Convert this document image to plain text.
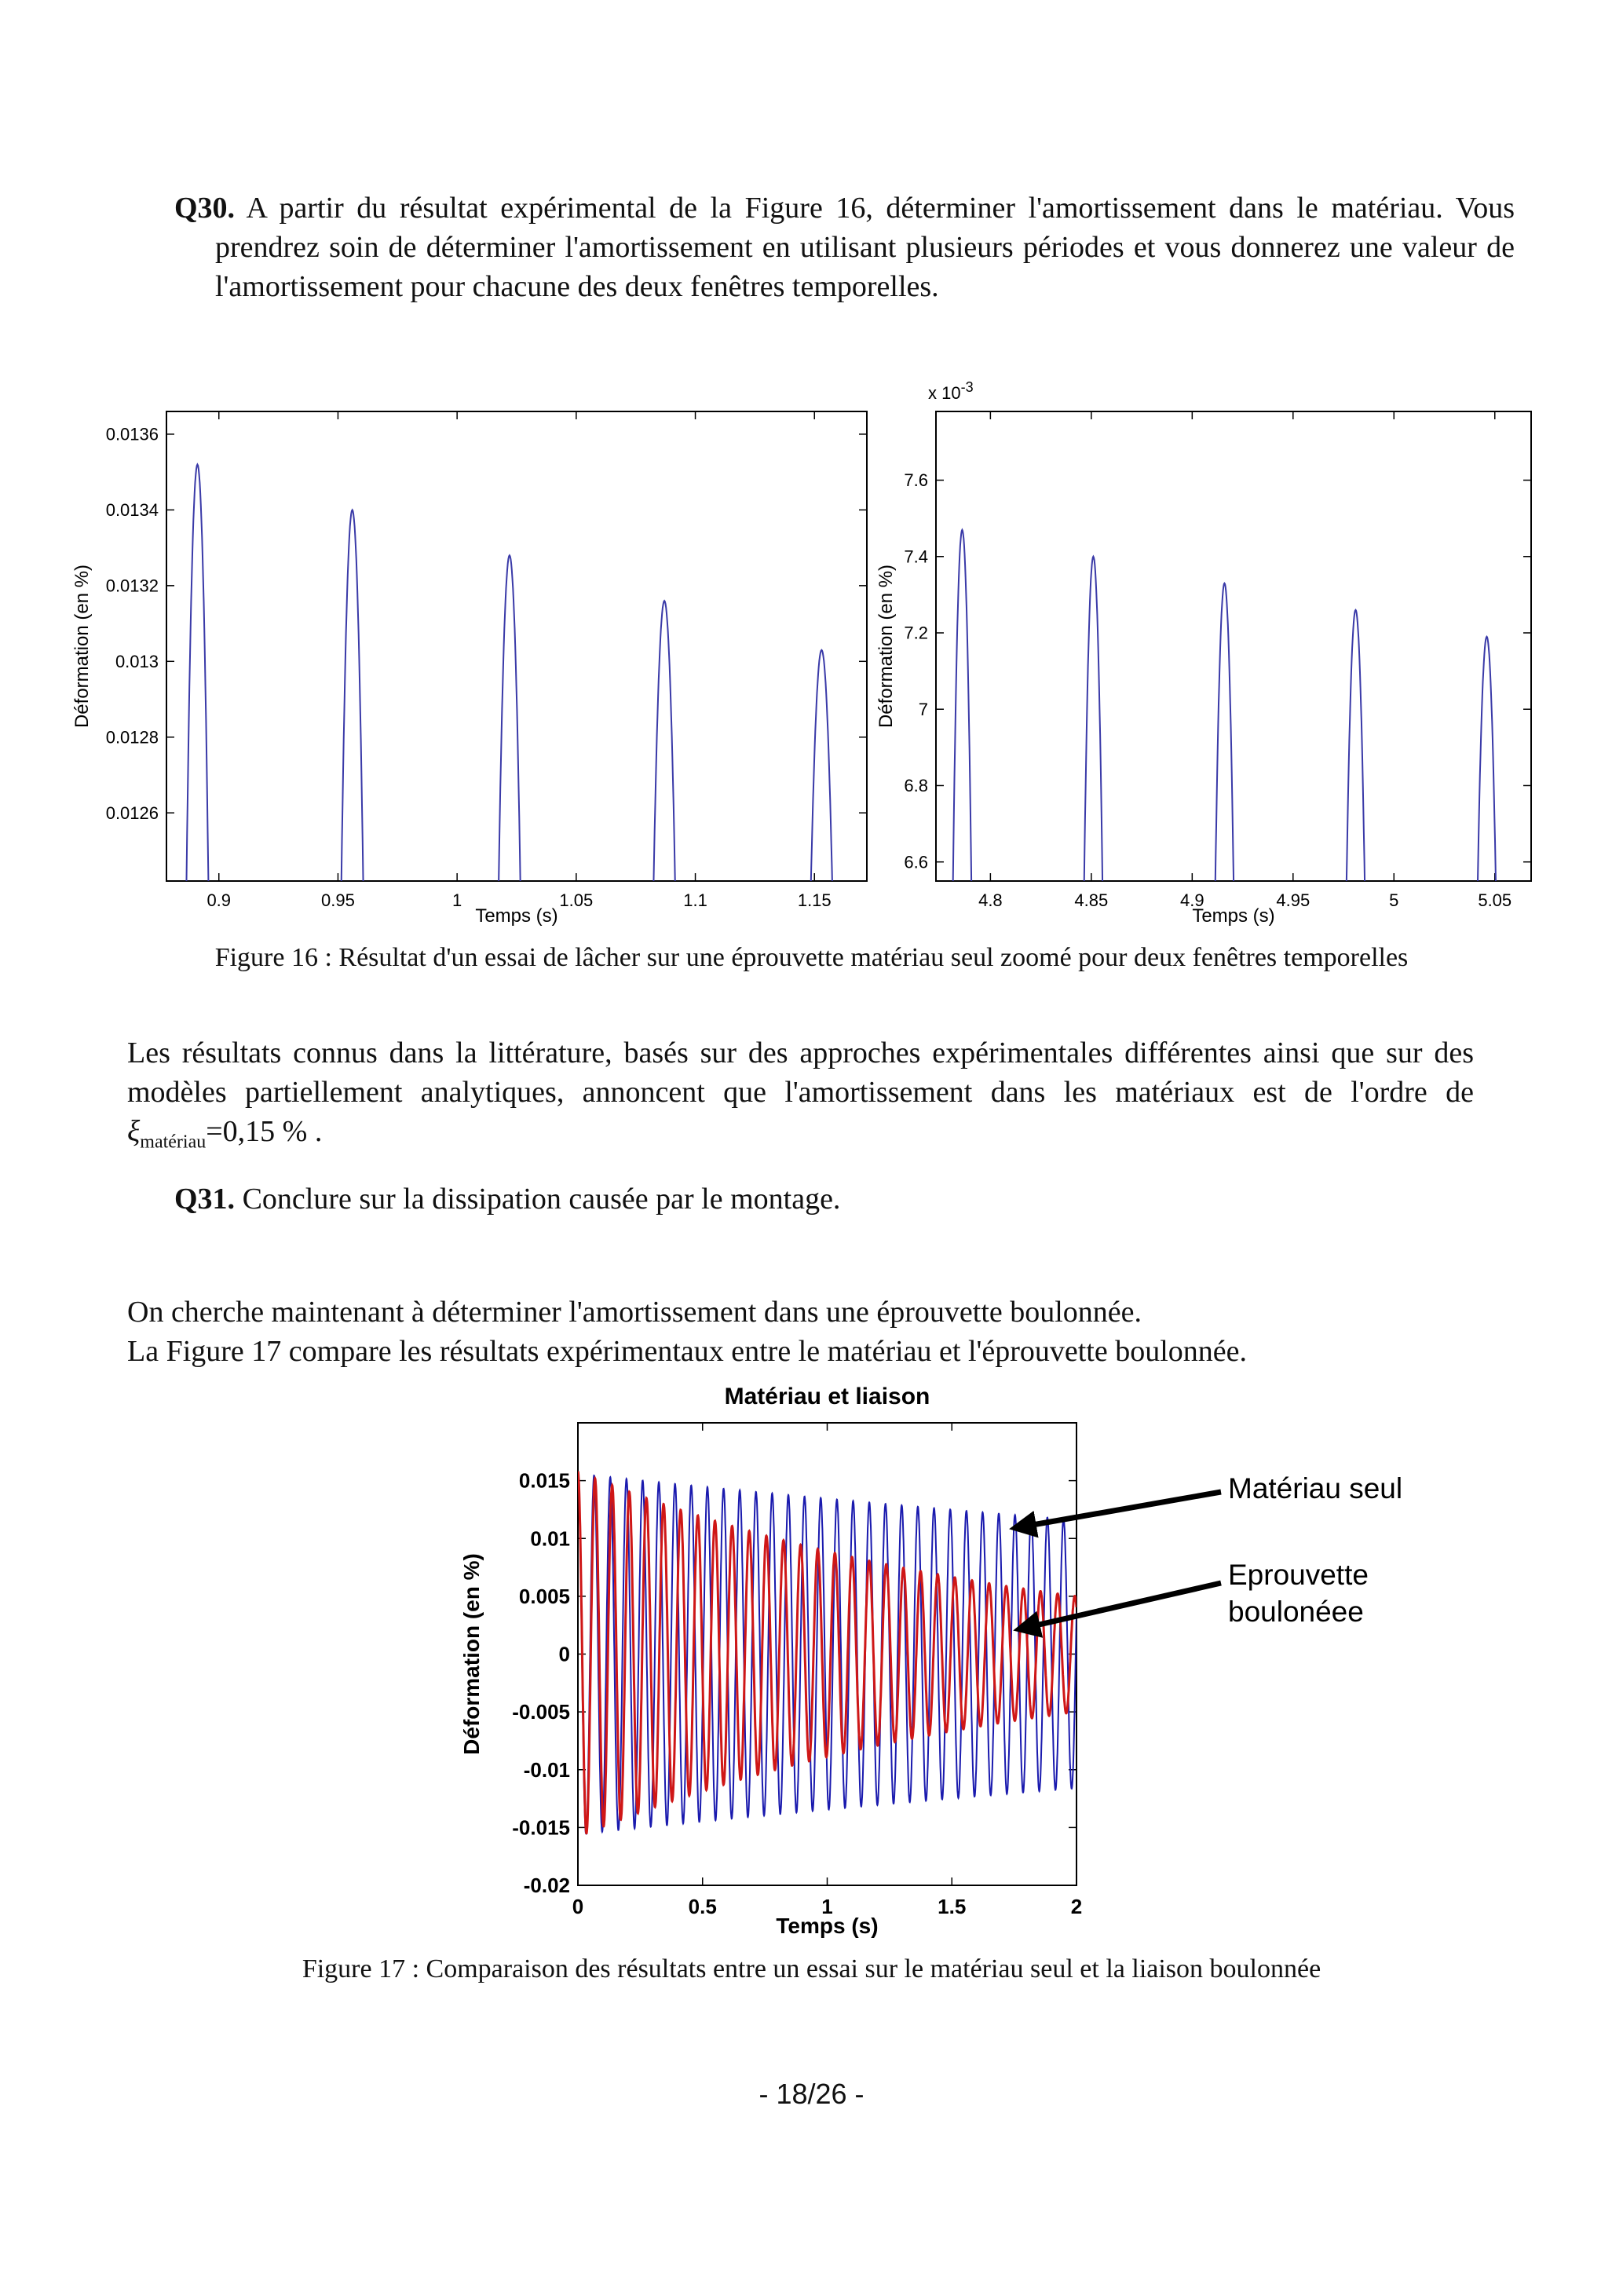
Q30. A partir du résultat expérimental de la Figure 16, déterminer l'amortissement dans le matériau. Vous prendrez soin de déterminer l'amortissement en utilisant plusieurs périodes et vous donnerez une valeur de l'amortissement pour chacune des deux fenêtres temporelles.
0.9	0.95	1	1.05	1.1	1.15
0.0126
0.0128
0.013
0.0132
0.0134
0.0136
Temps (s)
Déformation (en %)
4.8	4.85	4.9	4.95	5	5.05
6.6
6.8
7
7.2
7.4
7.6
Temps (s)
Déformation (en %)
x $10^{-3}$
Figure 16 : Résultat d'un essai de lâcher sur une éprouvette matériau seul zoomé pour deux fenêtres temporelles
Les résultats connus dans la littérature, basés sur des approches expérimentales différentes ainsi que sur des modèles partiellement analytiques, annoncent que l'amortissement dans les matériaux est de l'ordre de $\xi_{matériau}=0,15$ % .
Q31. Conclure sur la dissipation causée par le montage.
On cherche maintenant à déterminer l'amortissement dans une éprouvette boulonnée.
La Figure 17 compare les résultats expérimentaux entre le matériau et l'éprouvette boulonnée.
0	0.5	1	1.5	2
0.015
0.01
0.005
0
-0.005
-0.01
-0.015
-0.02
Temps (s)
Déformation (en %)
Matériau et liaison
Matériau seul
Eprouvette
boulonéee
Figure 17 : Comparaison des résultats entre un essai sur le matériau seul et la liaison boulonnée
- 18/26 -
